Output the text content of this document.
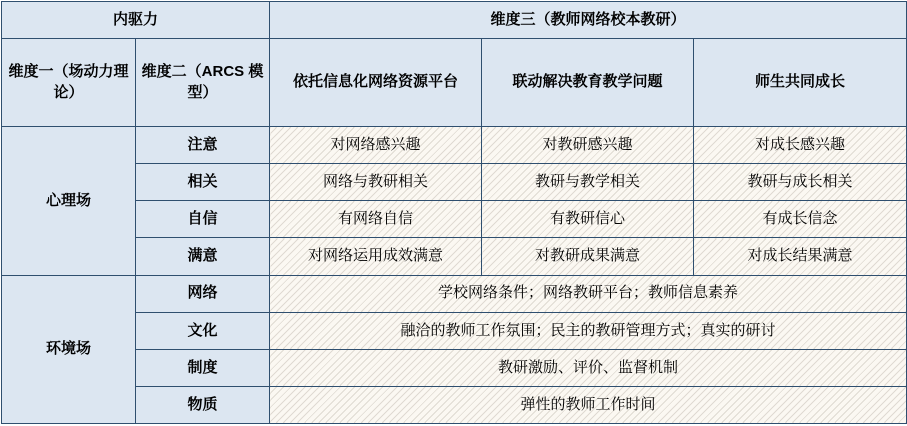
内驱力		维度三（教师网络校本教研）		
维度一（场动力理论）	维度二（ARCS 模型）	依托信息化网络资源平台	联动解决教育教学问题	师生共同成长
心理场	注意	对网络感兴趣	对教研感兴趣	对成长感兴趣
	相关	网络与教研相关	教研与教学相关	教研与成长相关
	自信	有网络自信	有教研信心	有成长信念
	满意	对网络运用成效满意	对教研成果满意	对成长结果满意
环境场	网络	学校网络条件；网络教研平台；教师信息素养		
	文化	融洽的教师工作氛围；民主的教研管理方式；真实的研讨		
	制度	教研激励、评价、监督机制		
	物质	弹性的教师工作时间		
